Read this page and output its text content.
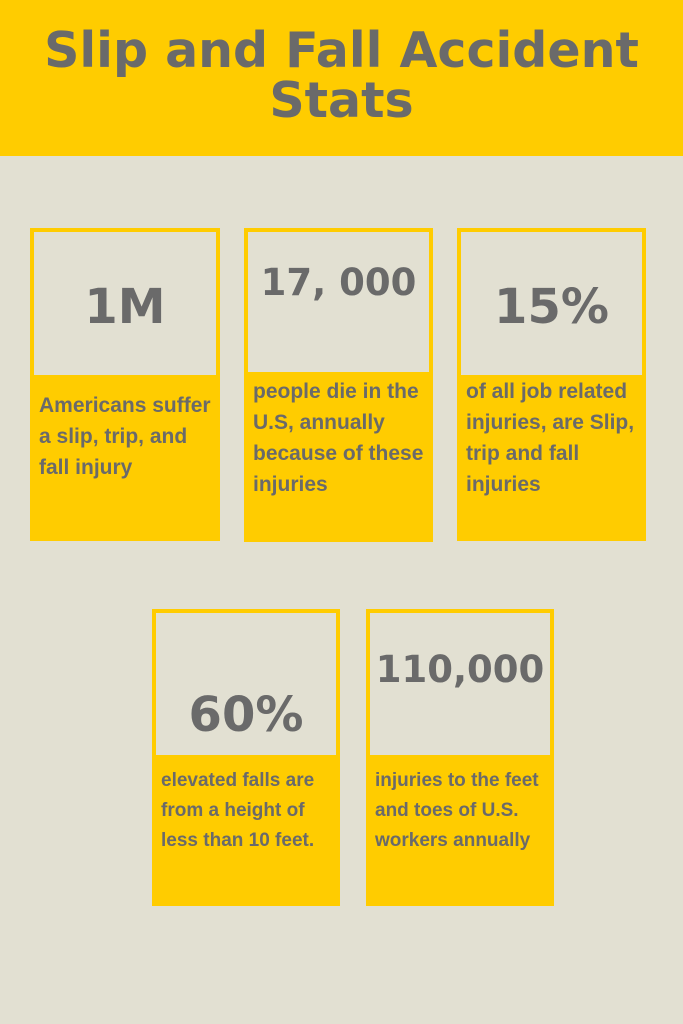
Slip and Fall Accident Stats
1M

Americans suffer a slip, trip, and fall injury

17, 000

people die in the U.S, annually because of these injuries

15%

of all job related injuries, are Slip, trip and fall injuries

60%

elevated falls are from a height of less than 10 feet.

110,000

injuries to the feet and toes of U.S. workers annually
